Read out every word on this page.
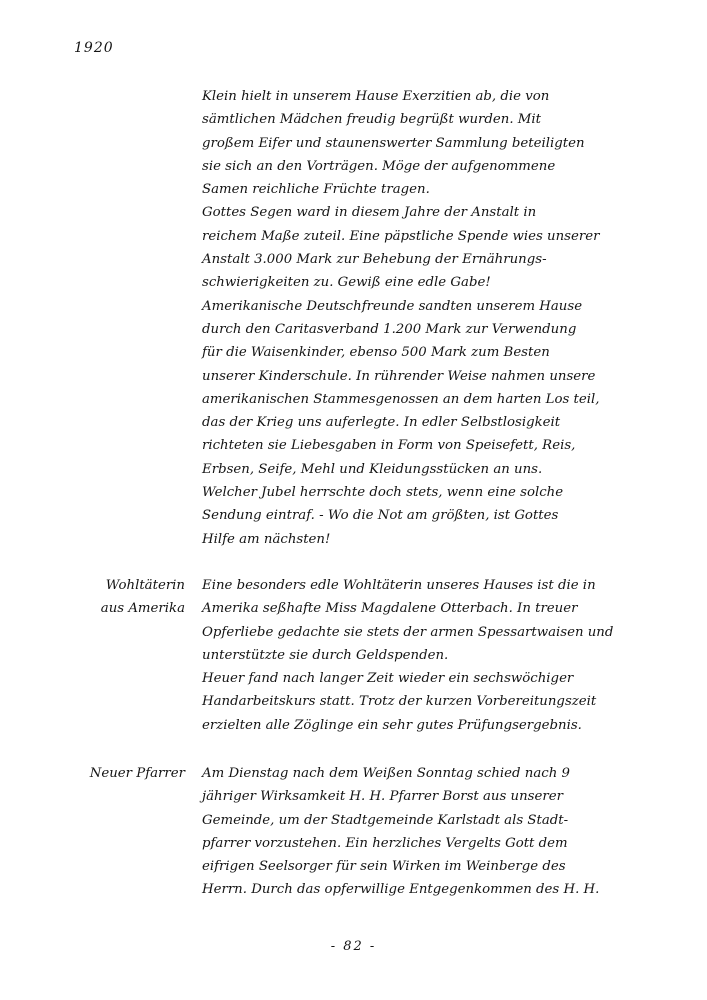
1920
Klein hielt in unserem Hause Exerzitien ab, die von
sämtlichen Mädchen freudig begrüßt wurden. Mit
großem Eifer und staunenswerter Sammlung beteiligten
sie sich an den Vorträgen. Möge der aufgenommene
Samen reichliche Früchte tragen.
Gottes Segen ward in diesem Jahre der Anstalt in
reichem Maße zuteil. Eine päpstliche Spende wies unserer
Anstalt 3.000 Mark zur Behebung der Ernährungs-
schwierigkeiten zu. Gewiß eine edle Gabe!
Amerikanische Deutschfreunde sandten unserem Hause
durch den Caritasverband 1.200 Mark zur Verwendung
für die Waisenkinder, ebenso 500 Mark zum Besten
unserer Kinderschule. In rührender Weise nahmen unsere
amerikanischen Stammesgenossen an dem harten Los teil,
das der Krieg uns auferlegte. In edler Selbstlosigkeit
richteten sie Liebesgaben in Form von Speisefett, Reis,
Erbsen, Seife, Mehl und Kleidungsstücken an uns.
Welcher Jubel herrschte doch stets, wenn eine solche
Sendung eintraf. - Wo die Not am größten, ist Gottes
Hilfe am nächsten!
Wohltäterin
aus Amerika
Eine besonders edle Wohltäterin unseres Hauses ist die in
Amerika seßhafte Miss Magdalene Otterbach. In treuer
Opferliebe gedachte sie stets der armen Spessartwaisen und
unterstützte sie durch Geldspenden.
Heuer fand nach langer Zeit wieder ein sechswöchiger
Handarbeitskurs statt. Trotz der kurzen Vorbereitungszeit
erzielten alle Zöglinge ein sehr gutes Prüfungsergebnis.
Neuer Pfarrer Am Dienstag nach dem Weißen Sonntag schied nach 9
jähriger Wirksamkeit H. H. Pfarrer Borst aus unserer
Gemeinde, um der Stadtgemeinde Karlstadt als Stadt-
pfarrer vorzustehen. Ein herzliches Vergelts Gott dem
eifrigen Seelsorger für sein Wirken im Weinberge des
Herrn. Durch das opferwillige Entgegenkommen des H. H.
- 82 -
